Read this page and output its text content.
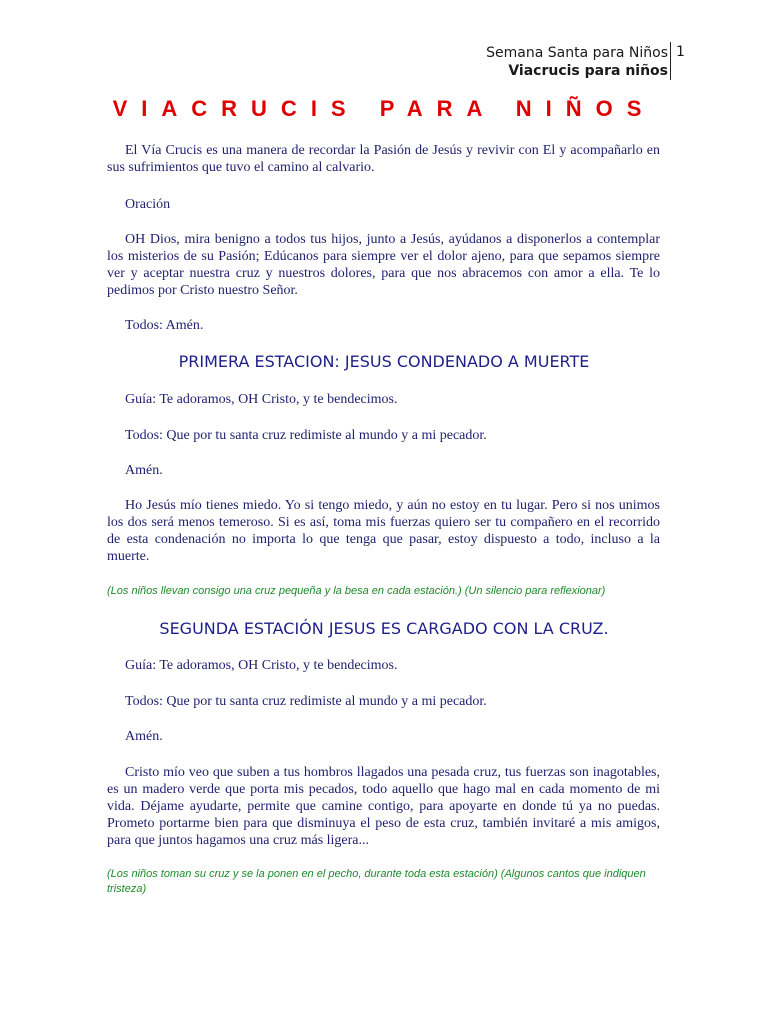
Semana Santa para Niños
Viacrucis para niños
1
VIACRUCIS PARA NIÑOS
El Vía Crucis es una manera de recordar la Pasión de Jesús y revivir con El y acompañarlo en sus sufrimientos que tuvo el camino al calvario.
Oración
OH Dios, mira benigno a todos tus hijos, junto a Jesús, ayúdanos a disponerlos a contemplar los misterios de su Pasión; Edúcanos para siempre ver el dolor ajeno, para que sepamos siempre ver y aceptar nuestra cruz y nuestros dolores, para que nos abracemos con amor a ella. Te lo pedimos por Cristo nuestro Señor.
Todos: Amén.
PRIMERA ESTACION: JESUS CONDENADO A MUERTE
Guía: Te adoramos, OH Cristo, y te bendecimos.
Todos: Que por tu santa cruz redimiste al mundo y a mi pecador.
Amén.
Ho Jesús mío tienes miedo. Yo si tengo miedo, y aún no estoy en tu lugar. Pero si nos unimos los dos será menos temeroso. Si es así, toma mis fuerzas quiero ser tu compañero en el recorrido de esta condenación no importa lo que tenga que pasar, estoy dispuesto a todo, incluso a la muerte.
(Los niños llevan consigo una cruz pequeña y la besa en cada estación.) (Un silencio para reflexionar)
SEGUNDA ESTACIÓN JESUS ES CARGADO CON LA CRUZ.
Guía: Te adoramos, OH Cristo, y te bendecimos.
Todos: Que por tu santa cruz redimiste al mundo y a mi pecador.
Amén.
Cristo mío veo que suben a tus hombros llagados una pesada cruz, tus fuerzas son inagotables, es un madero verde que porta mis pecados, todo aquello que hago mal en cada momento de mi vida. Déjame ayudarte, permite que camine contigo, para apoyarte en donde tú ya no puedas. Prometo portarme bien para que disminuya el peso de esta cruz, también invitaré a mis amigos, para que juntos hagamos una cruz más ligera...
(Los niños toman su cruz y se la ponen en el pecho, durante toda esta estación) (Algunos cantos que indiquen tristeza)
